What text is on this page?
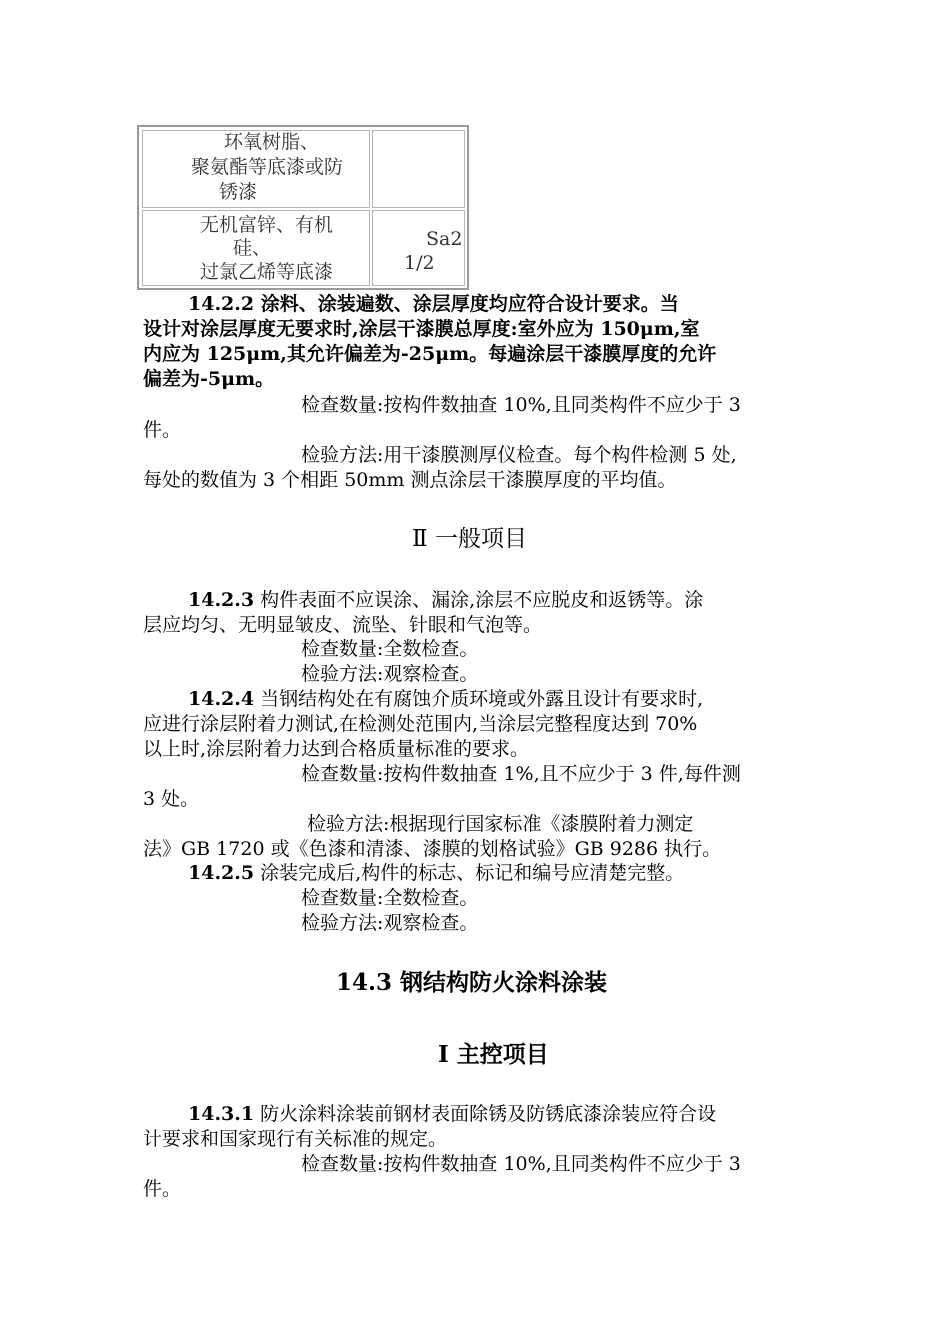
环氧树脂、
聚氨酯等底漆或防
锈漆
无机富锌、有机
硅、
过氯乙烯等底漆
Sa2
1/2
14.2.2 涂料、涂装遍数、涂层厚度均应符合设计要求。当
设计对涂层厚度无要求时,涂层干漆膜总厚度:室外应为 150μm,室
内应为 125μm,其允许偏差为-25μm。每遍涂层干漆膜厚度的允许
偏差为-5μm。
检查数量:按构件数抽查 10%,且同类构件不应少于 3
件。
检验方法:用干漆膜测厚仪检查。每个构件检测 5 处,
每处的数值为 3 个相距 50mm 测点涂层干漆膜厚度的平均值。
Ⅱ 一般项目
14.2.3 构件表面不应误涂、漏涂,涂层不应脱皮和返锈等。涂
层应均匀、无明显皱皮、流坠、针眼和气泡等。
检查数量:全数检查。
检验方法:观察检查。
14.2.4 当钢结构处在有腐蚀介质环境或外露且设计有要求时,
应进行涂层附着力测试,在检测处范围内,当涂层完整程度达到 70%
以上时,涂层附着力达到合格质量标准的要求。
检查数量:按构件数抽查 1%,且不应少于 3 件,每件测
3 处。
检验方法:根据现行国家标准《漆膜附着力测定
法》GB 1720 或《色漆和清漆、漆膜的划格试验》GB 9286 执行。
14.2.5 涂装完成后,构件的标志、标记和编号应清楚完整。
检查数量:全数检查。
检验方法:观察检查。
14.3 钢结构防火涂料涂装
Ⅰ 主控项目
14.3.1 防火涂料涂装前钢材表面除锈及防锈底漆涂装应符合设
计要求和国家现行有关标准的规定。
检查数量:按构件数抽查 10%,且同类构件不应少于 3
件。
